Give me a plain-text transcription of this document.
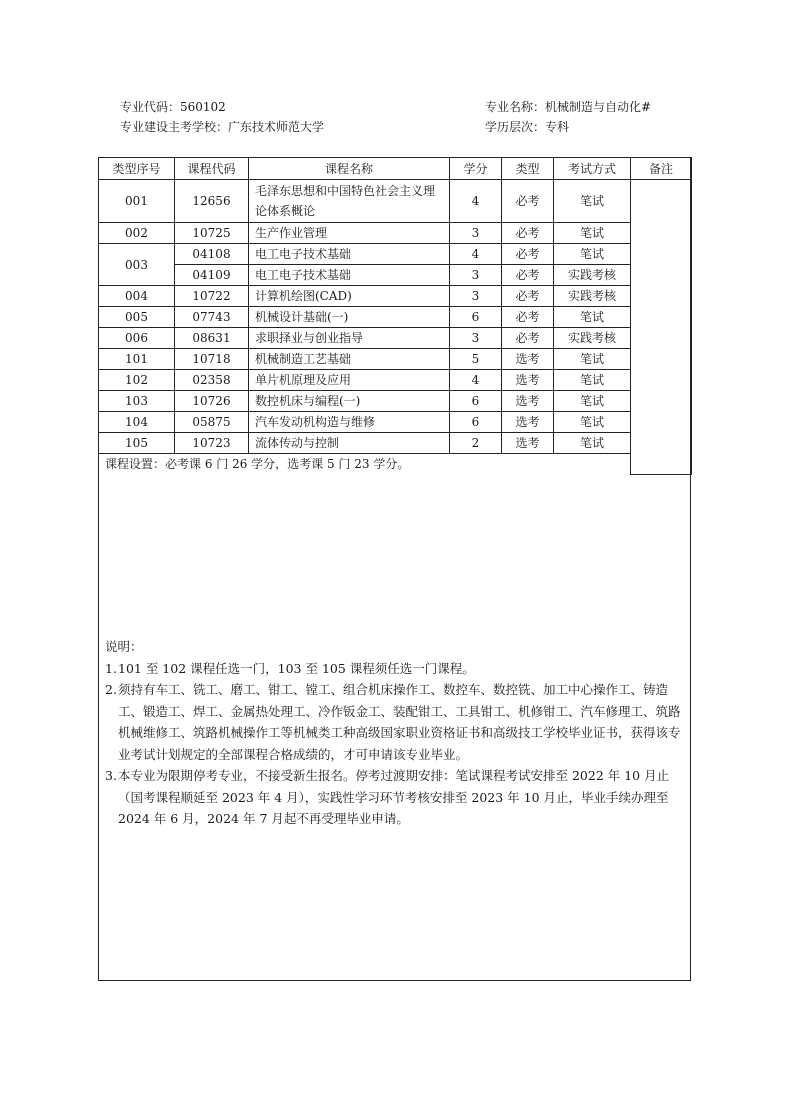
专业代码：560102	专业名称：机械制造与自动化#
专业建设主考学校：广东技术师范大学	学历层次：专科
类型序号	课程代码	课程名称	学分	类型	考试方式	备注
001	12656	毛泽东思想和中国特色社会主义理论体系概论	4	必考	笔试	
002	10725	生产作业管理	3	必考	笔试	
003	04108	电工电子技术基础	4	必考	笔试	
	04109	电工电子技术基础	3	必考	实践考核	
004	10722	计算机绘图(CAD)	3	必考	实践考核	
005	07743	机械设计基础(一)	6	必考	笔试	
006	08631	求职择业与创业指导	3	必考	实践考核	
101	10718	机械制造工艺基础	5	选考	笔试	
102	02358	单片机原理及应用	4	选考	笔试	
103	10726	数控机床与编程(一)	6	选考	笔试	
104	05875	汽车发动机构造与维修	6	选考	笔试	
105	10723	流体传动与控制	2	选考	笔试	
课程设置：必考课 6 门 26 学分，选考课 5 门 23 学分。						
说明：
1. 101 至 102 课程任选一门，103 至 105 课程须任选一门课程。
2. 须持有车工、铣工、磨工、钳工、镗工、组合机床操作工、数控车、数控铣、加工中心操作工、铸造工、锻造工、焊工、金属热处理工、冷作钣金工、装配钳工、工具钳工、机修钳工、汽车修理工、筑路机械维修工、筑路机械操作工等机械类工种高级国家职业资格证书和高级技工学校毕业证书，获得该专业考试计划规定的全部课程合格成绩的，才可申请该专业毕业。
3. 本专业为限期停考专业，不接受新生报名。停考过渡期安排：笔试课程考试安排至 2022 年 10 月止（国考课程顺延至 2023 年 4 月），实践性学习环节考核安排至 2023 年 10 月止，毕业手续办理至 2024 年 6 月，2024 年 7 月起不再受理毕业申请。
